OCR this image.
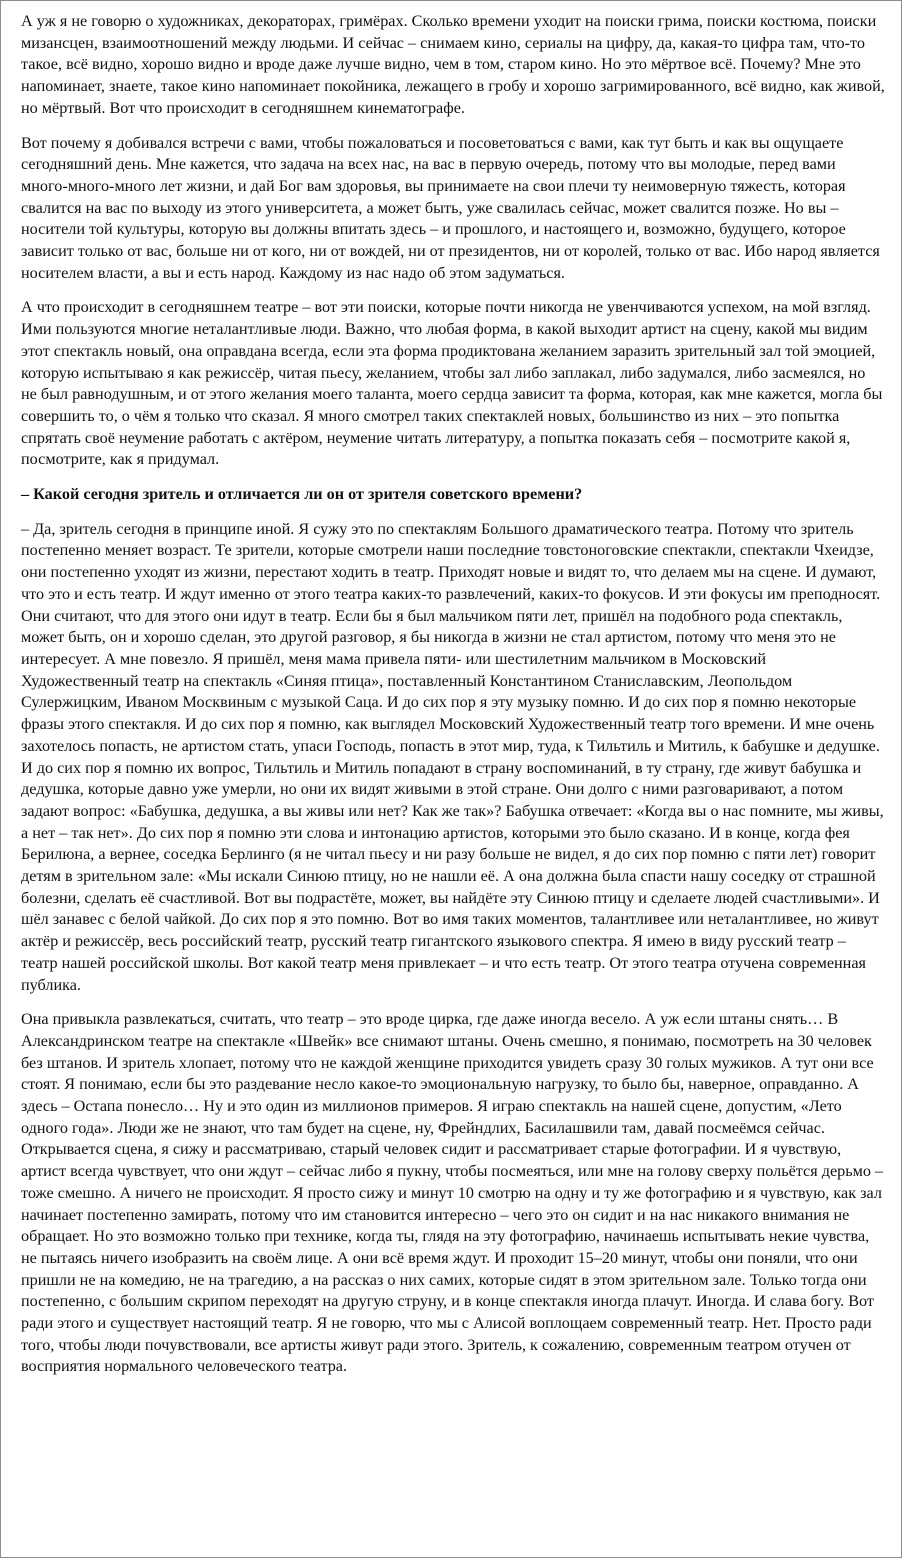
А уж я не говорю о художниках, декораторах, гримёрах. Сколько времени уходит на поиски грима, поиски костюма, поиски мизансцен, взаимоотношений между людьми. И сейчас – снимаем кино, сериалы на цифру, да, какая-то цифра там, что-то такое, всё видно, хорошо видно и вроде даже лучше видно, чем в том, старом кино. Но это мёртвое всё. Почему? Мне это напоминает, знаете, такое кино напоминает покойника, лежащего в гробу и хорошо загримированного, всё видно, как живой, но мёртвый. Вот что происходит в сегодняшнем кинематографе.

Вот почему я добивался встречи с вами, чтобы пожаловаться и посоветоваться с вами, как тут быть и как вы ощущаете сегодняшний день. Мне кажется, что задача на всех нас, на вас в первую очередь, потому что вы молодые, перед вами много-много-много лет жизни, и дай Бог вам здоровья, вы принимаете на свои плечи ту неимоверную тяжесть, которая свалится на вас по выходу из этого университета, а может быть, уже свалилась сейчас, может свалится позже. Но вы – носители той культуры, которую вы должны впитать здесь – и прошлого, и настоящего и, возможно, будущего, которое зависит только от вас, больше ни от кого, ни от вождей, ни от президентов, ни от королей, только от вас. Ибо народ является носителем власти, а вы и есть народ. Каждому из нас надо об этом задуматься.

А что происходит в сегодняшнем театре – вот эти поиски, которые почти никогда не увенчиваются успехом, на мой взгляд. Ими пользуются многие неталантливые люди. Важно, что любая форма, в какой выходит артист на сцену, какой мы видим этот спектакль новый, она оправдана всегда, если эта форма продиктована желанием заразить зрительный зал той эмоцией, которую испытываю я как режиссёр, читая пьесу, желанием, чтобы зал либо заплакал, либо задумался, либо засмеялся, но не был равнодушным, и от этого желания моего таланта, моего сердца зависит та форма, которая, как мне кажется, могла бы совершить то, о чём я только что сказал. Я много смотрел таких спектаклей новых, большинство из них – это попытка спрятать своё неумение работать с актёром, неумение читать литературу, а попытка показать себя – посмотрите какой я, посмотрите, как я придумал.

– Какой сегодня зритель и отличается ли он от зрителя советского времени?

– Да, зритель сегодня в принципе иной. Я сужу это по спектаклям Большого драматического театра. Потому что зритель постепенно меняет возраст. Те зрители, которые смотрели наши последние товстоноговские спектакли, спектакли Чхеидзе, они постепенно уходят из жизни, перестают ходить в театр. Приходят новые и видят то, что делаем мы на сцене. И думают, что это и есть театр. И ждут именно от этого театра каких-то развлечений, каких-то фокусов. И эти фокусы им преподносят. Они считают, что для этого они идут в театр. Если бы я был мальчиком пяти лет, пришёл на подобного рода спектакль, может быть, он и хорошо сделан, это другой разговор, я бы никогда в жизни не стал артистом, потому что меня это не интересует. А мне повезло. Я пришёл, меня мама привела пяти- или шестилетним мальчиком в Московский Художественный театр на спектакль «Синяя птица», поставленный Константином Станиславским, Леопольдом Сулержицким, Иваном Москвиным с музыкой Саца. И до сих пор я эту музыку помню. И до сих пор я помню некоторые фразы этого спектакля. И до сих пор я помню, как выглядел Московский Художественный театр того времени. И мне очень захотелось попасть, не артистом стать, упаси Господь, попасть в этот мир, туда, к Тильтиль и Митиль, к бабушке и дедушке. И до сих пор я помню их вопрос, Тильтиль и Митиль попадают в страну воспоминаний, в ту страну, где живут бабушка и дедушка, которые давно уже умерли, но они их видят живыми в этой стране. Они долго с ними разговаривают, а потом задают вопрос: «Бабушка, дедушка, а вы живы или нет? Как же так»? Бабушка отвечает: «Когда вы о нас помните, мы живы, а нет – так нет». До сих пор я помню эти слова и интонацию артистов, которыми это было сказано. И в конце, когда фея Берилюна, а вернее, соседка Берлинго (я не читал пьесу и ни разу больше не видел, я до сих пор помню с пяти лет) говорит детям в зрительном зале: «Мы искали Синюю птицу, но не нашли её. А она должна была спасти нашу соседку от страшной болезни, сделать её счастливой. Вот вы подрастёте, может, вы найдёте эту Синюю птицу и сделаете людей счастливыми». И шёл занавес с белой чайкой. До сих пор я это помню. Вот во имя таких моментов, талантливее или неталантливее, но живут актёр и режиссёр, весь российский театр, русский театр гигантского языкового спектра. Я имею в виду русский театр – театр нашей российской школы. Вот какой театр меня привлекает – и что есть театр. От этого театра отучена современная публика.

Она привыкла развлекаться, считать, что театр – это вроде цирка, где даже иногда весело. А уж если штаны снять… В Александринском театре на спектакле «Швейк» все снимают штаны. Очень смешно, я понимаю, посмотреть на 30 человек без штанов. И зритель хлопает, потому что не каждой женщине приходится увидеть сразу 30 голых мужиков. А тут они все стоят. Я понимаю, если бы это раздевание несло какое-то эмоциональную нагрузку, то было бы, наверное, оправданно. А здесь – Остапа понесло… Ну и это один из миллионов примеров. Я играю спектакль на нашей сцене, допустим, «Лето одного года». Люди же не знают, что там будет на сцене, ну, Фрейндлих, Басилашвили там, давай посмеёмся сейчас. Открывается сцена, я сижу и рассматриваю, старый человек сидит и рассматривает старые фотографии. И я чувствую, артист всегда чувствует, что они ждут – сейчас либо я пукну, чтобы посмеяться, или мне на голову сверху польётся дерьмо – тоже смешно. А ничего не происходит. Я просто сижу и минут 10 смотрю на одну и ту же фотографию и я чувствую, как зал начинает постепенно замирать, потому что им становится интересно – чего это он сидит и на нас никакого внимания не обращает. Но это возможно только при технике, когда ты, глядя на эту фотографию, начинаешь испытывать некие чувства, не пытаясь ничего изобразить на своём лице. А они всё время ждут. И проходит 15–20 минут, чтобы они поняли, что они пришли не на комедию, не на трагедию, а на рассказ о них самих, которые сидят в этом зрительном зале. Только тогда они постепенно, с большим скрипом переходят на другую струну, и в конце спектакля иногда плачут. Иногда. И слава богу. Вот ради этого и существует настоящий театр. Я не говорю, что мы с Алисой воплощаем современный театр. Нет. Просто ради того, чтобы люди почувствовали, все артисты живут ради этого. Зритель, к сожалению, современным театром отучен от восприятия нормального человеческого театра.
